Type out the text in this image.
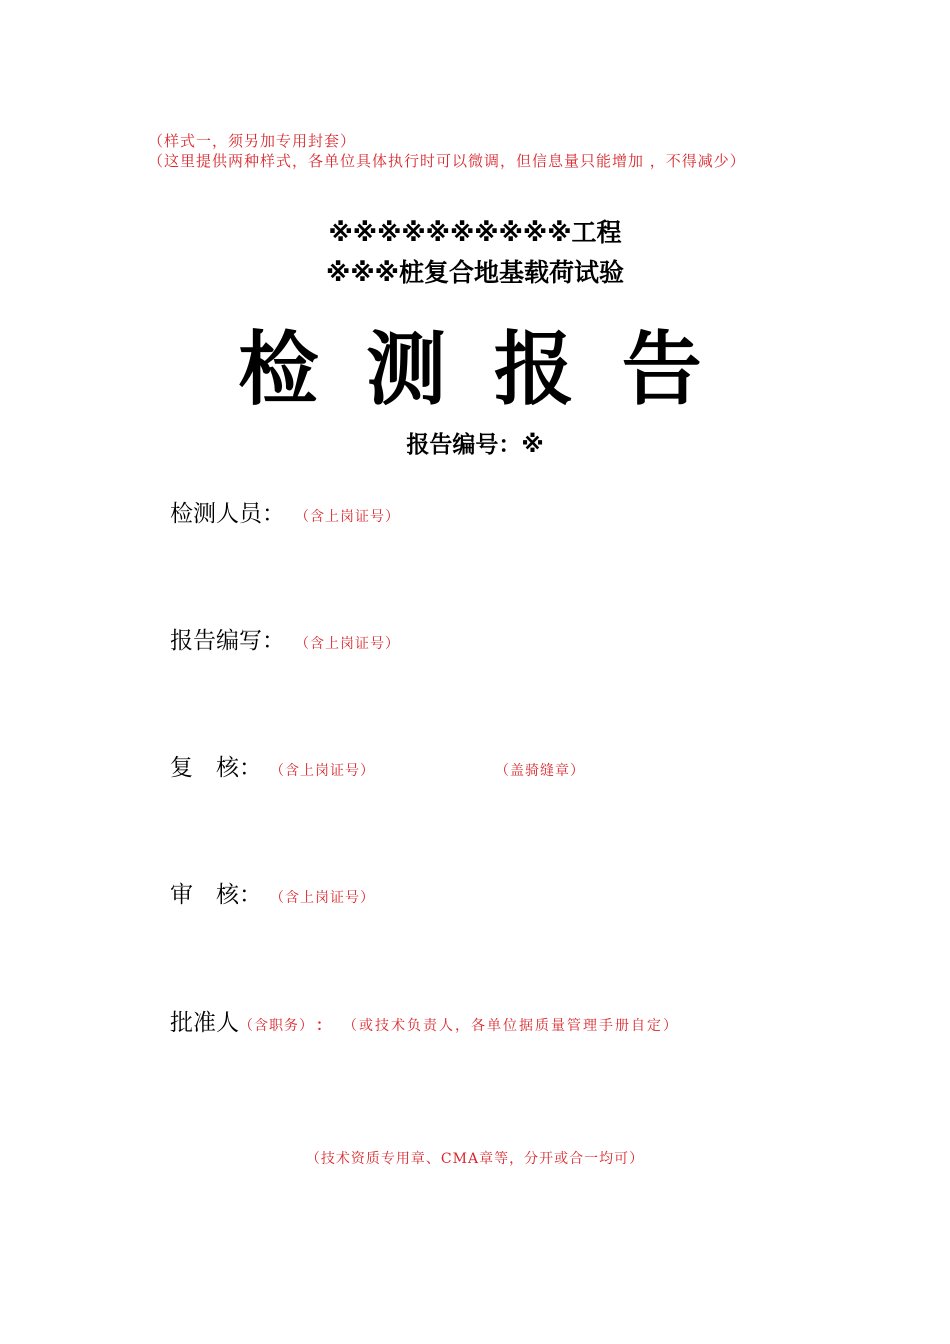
（样式一，须另加专用封套）
（这里提供两种样式，各单位具体执行时可以微调，但信息量只能增加 ，不得减少）
※※※※※※※※※※工程
※※※桩复合地基载荷试验
检 测 报 告
报告编号：※
检测人员： （含上岗证号）
报告编写： （含上岗证号）
复　核： （含上岗证号）	（盖骑缝章）
审　核： （含上岗证号）
批准人 （含职务） ： （或技术负责人，各单位据质量管理手册自定）
（技术资质专用章、CMA章等，分开或合一均可）
